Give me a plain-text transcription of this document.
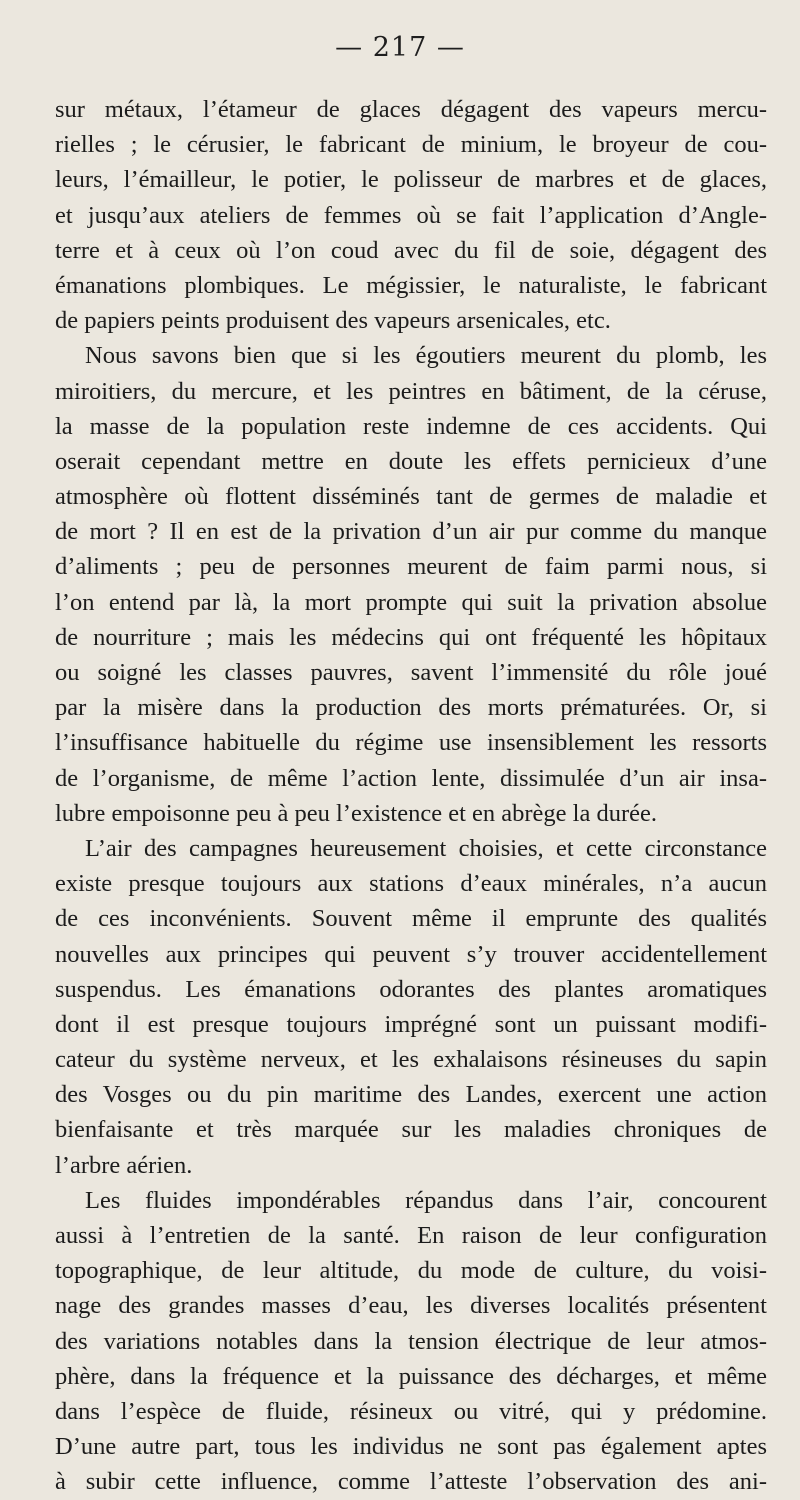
— 217 —
sur métaux, l’étameur de glaces dégagent des vapeurs mercu-
rielles ; le cérusier, le fabricant de minium, le broyeur de cou-
leurs, l’émailleur, le potier, le polisseur de marbres et de glaces,
et jusqu’aux ateliers de femmes où se fait l’application d’Angle-
terre et à ceux où l’on coud avec du fil de soie, dégagent des
émanations plombiques. Le mégissier, le naturaliste, le fabricant
de papiers peints produisent des vapeurs arsenicales, etc.
Nous savons bien que si les égoutiers meurent du plomb, les
miroitiers, du mercure, et les peintres en bâtiment, de la céruse,
la masse de la population reste indemne de ces accidents. Qui
oserait cependant mettre en doute les effets pernicieux d’une
atmosphère où flottent disséminés tant de germes de maladie et
de mort ? Il en est de la privation d’un air pur comme du manque
d’aliments ; peu de personnes meurent de faim parmi nous, si
l’on entend par là, la mort prompte qui suit la privation absolue
de nourriture ; mais les médecins qui ont fréquenté les hôpitaux
ou soigné les classes pauvres, savent l’immensité du rôle joué
par la misère dans la production des morts prématurées. Or, si
l’insuffisance habituelle du régime use insensiblement les ressorts
de l’organisme, de même l’action lente, dissimulée d’un air insa-
lubre empoisonne peu à peu l’existence et en abrège la durée.
L’air des campagnes heureusement choisies, et cette circonstance
existe presque toujours aux stations d’eaux minérales, n’a aucun
de ces inconvénients. Souvent même il emprunte des qualités
nouvelles aux principes qui peuvent s’y trouver accidentellement
suspendus. Les émanations odorantes des plantes aromatiques
dont il est presque toujours imprégné sont un puissant modifi-
cateur du système nerveux, et les exhalaisons résineuses du sapin
des Vosges ou du pin maritime des Landes, exercent une action
bienfaisante et très marquée sur les maladies chroniques de
l’arbre aérien.
Les fluides impondérables répandus dans l’air, concourent
aussi à l’entretien de la santé. En raison de leur configuration
topographique, de leur altitude, du mode de culture, du voisi-
nage des grandes masses d’eau, les diverses localités présentent
des variations notables dans la tension électrique de leur atmos-
phère, dans la fréquence et la puissance des décharges, et même
dans l’espèce de fluide, résineux ou vitré, qui y prédomine.
D’une autre part, tous les individus ne sont pas également aptes
à subir cette influence, comme l’atteste l’observation des ani-
